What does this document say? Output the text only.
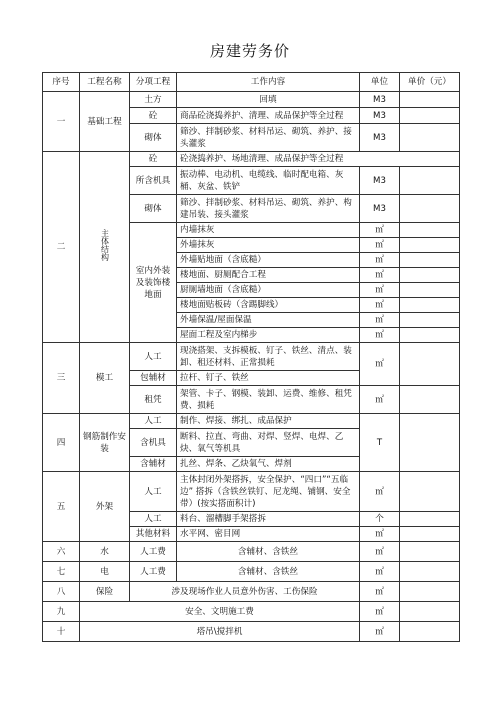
房建劳务价
序号	工程名称	分项工程	工作内容	单位	单价（元）
一	基础工程	土方	回填	M3	
		砼	商品砼浇捣养护、清理、成品保护等全过程	M3	
		砌体	筛沙、拌制砂浆、材料吊运、砌筑、养护、接头灌浆	M3	
二	主体结构	砼	砼浇捣养护、场地清理、成品保护等全过程		
		所含机具	振动棒、电动机、电缆线、临时配电箱、灰桶、灰盆、铁铲	M3	
		砌体	筛沙、拌制砂浆、材料吊运、砌筑、养护、构建吊装、接头灌浆	M3	
		室内外装及装饰楼地面	内墙抹灰	㎡	
			外墙抹灰	㎡	
			外墙贴地面（含底糙）	㎡	
			楼地面、厨厕配合工程	㎡	
			厨厕墙地面（含底糙）	㎡	
			楼地面贴板砖（含踢脚线）	㎡	
			外墙保温/屋面保温	㎡	
			屋面工程及室内梯步	㎡	
三	模工	人工	现浇搭架、支拆模板、钉子、铁丝、清点、装卸、租还材料、正常损耗	㎡	
		包辅材	拉杆、钉子、铁丝		
		租凭	架管、卡子、钢模、装卸、运费、维修、租凭费、损耗	㎡	
四	钢筋制作安装	人工	制作、焊接、绑扎、成品保护	T	
		含机具	断料、拉直、弯曲、对焊、竖焊、电焊、乙炔、氧气等机具		
		含辅材	扎丝、焊条、乙炔氧气、焊剂		
五	外架	人工	主体封闭外架搭拆，安全保护、“四口”“五临边” 搭拆（含铁丝铁钉、尼龙绳、铺钢、安全带）(按实搭面积计)	㎡	
		人工	料台、溜槽脚手架搭拆	个	
		其他材料	水平网、密目网	㎡	
六	水	人工费	含辅材、含铁丝	㎡	
七	电	人工费	含辅材、含铁丝	㎡	
八	保险	涉及现场作业人员意外伤害、工伤保险		㎡	
九	安全、文明施工费			㎡	
十	塔吊\搅拌机			㎡	
